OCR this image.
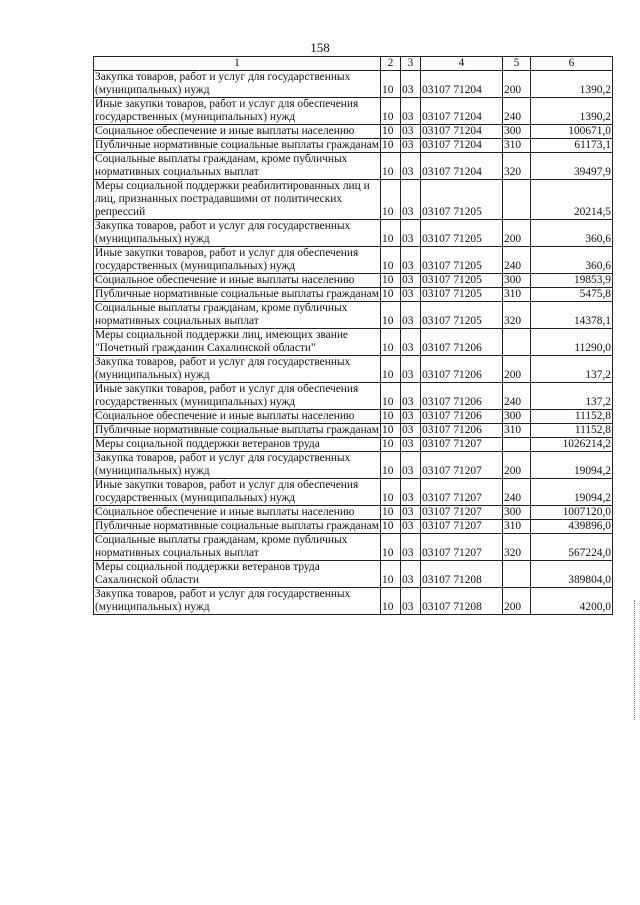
158
1	2	3	4	5	6
Закупка товаров, работ и услуг для государственных (муниципальных) нужд	10	03	03107 71204	200	1390,2
Иные закупки товаров, работ и услуг для обеспечения государственных (муниципальных) нужд	10	03	03107 71204	240	1390,2
Социальное обеспечение и иные выплаты населению	10	03	03107 71204	300	100671,0
Публичные нормативные социальные выплаты гражданам	10	03	03107 71204	310	61173,1
Социальные выплаты гражданам, кроме публичных нормативных социальных выплат	10	03	03107 71204	320	39497,9
Меры социальной поддержки реабилитированных лиц и лиц, признанных пострадавшими от политических репрессий	10	03	03107 71205		20214,5
Закупка товаров, работ и услуг для государственных (муниципальных) нужд	10	03	03107 71205	200	360,6
Иные закупки товаров, работ и услуг для обеспечения государственных (муниципальных) нужд	10	03	03107 71205	240	360,6
Социальное обеспечение и иные выплаты населению	10	03	03107 71205	300	19853,9
Публичные нормативные социальные выплаты гражданам	10	03	03107 71205	310	5475,8
Социальные выплаты гражданам, кроме публичных нормативных социальных выплат	10	03	03107 71205	320	14378,1
Меры социальной поддержки лиц, имеющих звание "Почетный гражданин Сахалинской области"	10	03	03107 71206		11290,0
Закупка товаров, работ и услуг для государственных (муниципальных) нужд	10	03	03107 71206	200	137,2
Иные закупки товаров, работ и услуг для обеспечения государственных (муниципальных) нужд	10	03	03107 71206	240	137,2
Социальное обеспечение и иные выплаты населению	10	03	03107 71206	300	11152,8
Публичные нормативные социальные выплаты гражданам	10	03	03107 71206	310	11152,8
Меры социальной поддержки ветеранов труда	10	03	03107 71207		1026214,2
Закупка товаров, работ и услуг для государственных (муниципальных) нужд	10	03	03107 71207	200	19094,2
Иные закупки товаров, работ и услуг для обеспечения государственных (муниципальных) нужд	10	03	03107 71207	240	19094,2
Социальное обеспечение и иные выплаты населению	10	03	03107 71207	300	1007120,0
Публичные нормативные социальные выплаты гражданам	10	03	03107 71207	310	439896,0
Социальные выплаты гражданам, кроме публичных нормативных социальных выплат	10	03	03107 71207	320	567224,0
Меры социальной поддержки ветеранов труда Сахалинской области	10	03	03107 71208		389804,0
Закупка товаров, работ и услуг для государственных (муниципальных) нужд	10	03	03107 71208	200	4200,0
